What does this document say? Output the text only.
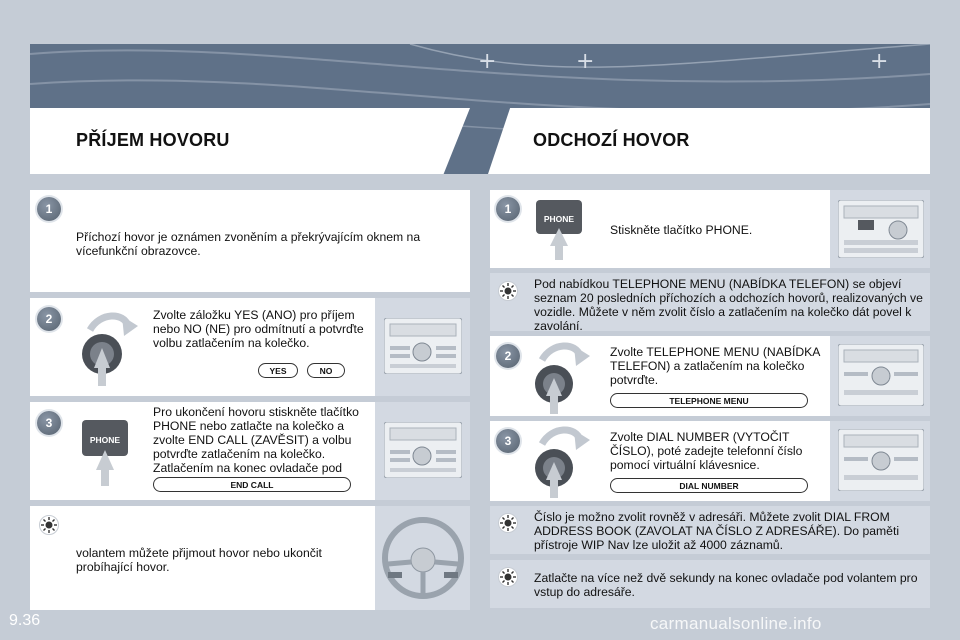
+	+	+
PŘÍJEM HOVORU	ODCHOZÍ HOVOR
1
Příchozí hovor je oznámen zvoněním a překrývajícím oknem na vícefunkční obrazovce.
2	Zvolte záložku YES (ANO) pro příjem nebo NO (NE) pro odmítnutí a potvrďte volbu zatlačením na kolečko.
YES	NO
3
PHONE
Pro ukončení hovoru stiskněte tlačítko PHONE nebo zatlačte na kolečko a zvolte END CALL (ZAVĚSIT) a volbu potvrďte zatlačením na kolečko. Zatlačením na konec ovladače pod
END CALL
volantem můžete přijmout hovor nebo ukončit probíhající hovor.
1
PHONE
Stiskněte tlačítko PHONE.
Pod nabídkou TELEPHONE MENU (NABÍDKA TELEFON) se objeví seznam 20 posledních příchozích a odchozích hovorů, realizovaných ve vozidle. Můžete v něm zvolit číslo a zatlačením na kolečko dát povel k zavolání.
2	Zvolte TELEPHONE MENU (NABÍDKA TELEFON) a zatlačením na kolečko potvrďte.
TELEPHONE MENU
3	Zvolte DIAL NUMBER (VYTOČIT ČÍSLO), poté zadejte telefonní číslo pomocí virtuální klávesnice.
DIAL NUMBER
Číslo je možno zvolit rovněž v adresáři. Můžete zvolit DIAL FROM ADDRESS BOOK (ZAVOLAT NA ČÍSLO Z ADRESÁŘE). Do paměti přístroje WIP Nav lze uložit až 4000 záznamů.
Zatlačte na více než dvě sekundy na konec ovladače pod volantem pro vstup do adresáře.
9.36	carmanualsonline.info
